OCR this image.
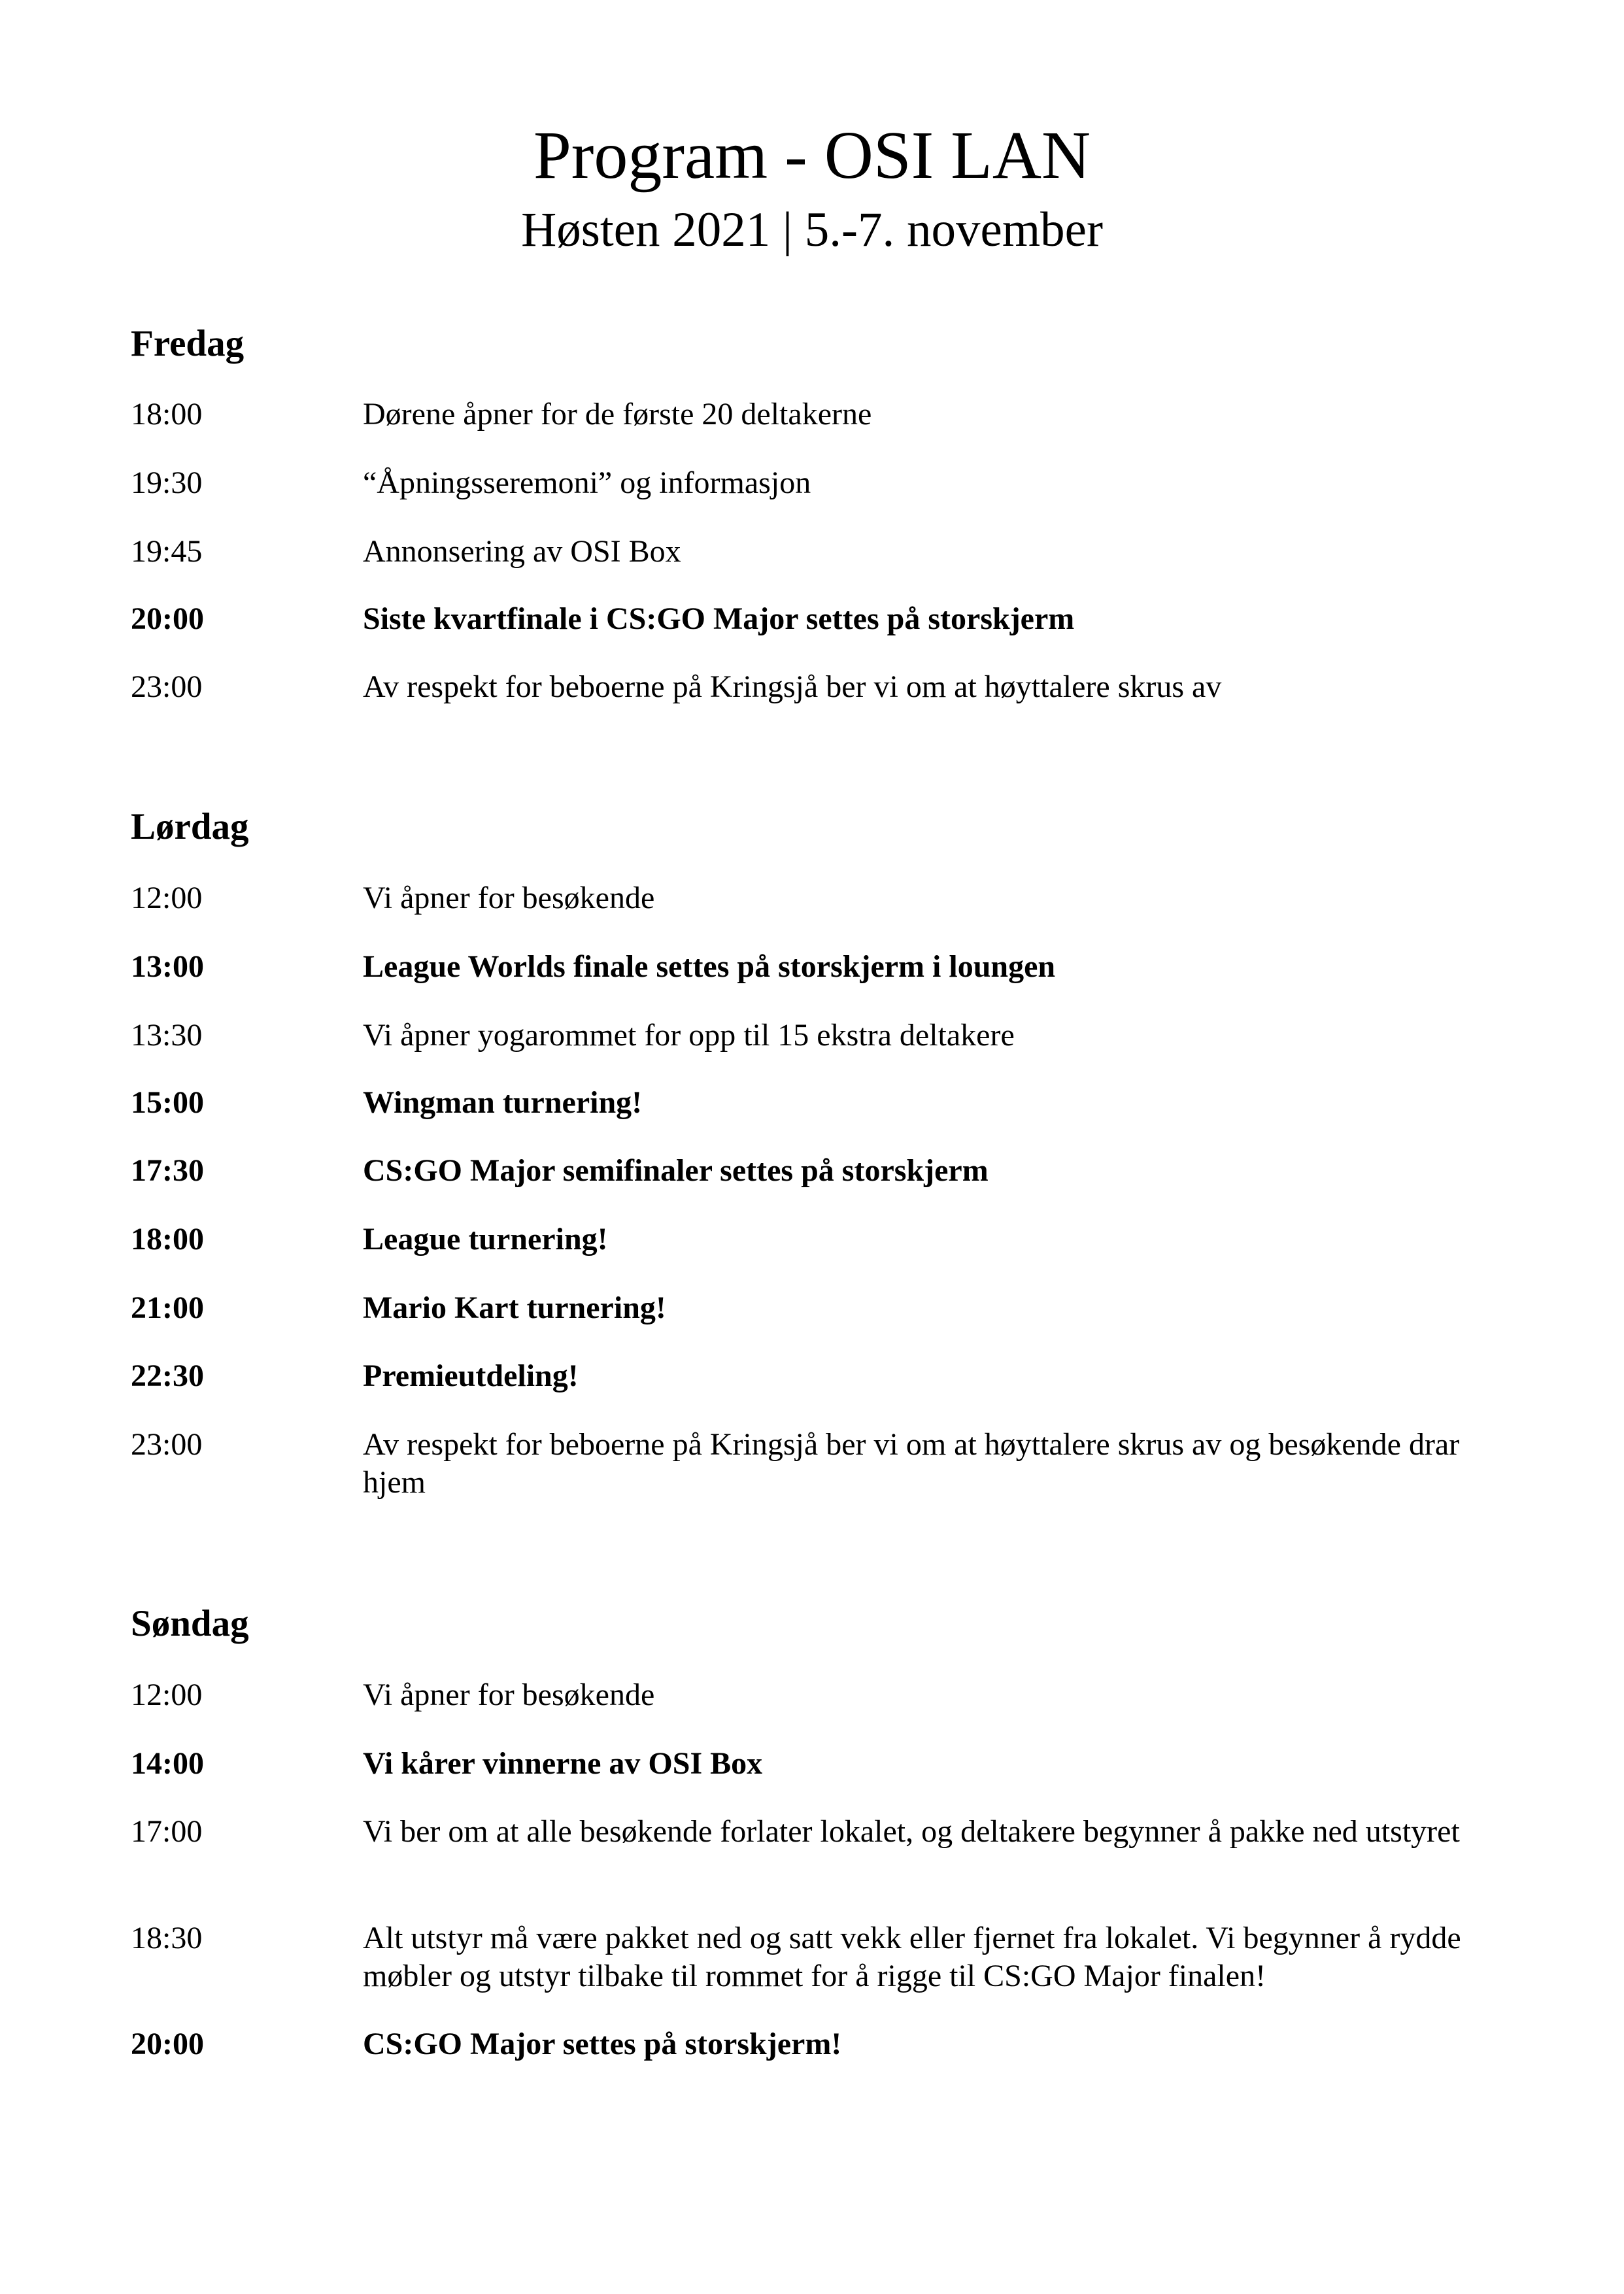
Program - OSI LAN
Høsten 2021 | 5.-7. november
Fredag
18:00	Dørene åpner for de første 20 deltakerne
19:30	“Åpningsseremoni” og informasjon
19:45	Annonsering av OSI Box
20:00	Siste kvartfinale i CS:GO Major settes på storskjerm
23:00	Av respekt for beboerne på Kringsjå ber vi om at høyttalere skrus av
Lørdag
12:00	Vi åpner for besøkende
13:00	League Worlds finale settes på storskjerm i loungen
13:30	Vi åpner yogarommet for opp til 15 ekstra deltakere
15:00	Wingman turnering!
17:30	CS:GO Major semifinaler settes på storskjerm
18:00	League turnering!
21:00	Mario Kart turnering!
22:30	Premieutdeling!
23:00	Av respekt for beboerne på Kringsjå ber vi om at høyttalere skrus av og besøkende drar hjem
Søndag
12:00	Vi åpner for besøkende
14:00	Vi kårer vinnerne av OSI Box
17:00	Vi ber om at alle besøkende forlater lokalet, og deltakere begynner å pakke ned utstyret
18:30	Alt utstyr må være pakket ned og satt vekk eller fjernet fra lokalet. Vi begynner å rydde møbler og utstyr tilbake til rommet for å rigge til CS:GO Major finalen!
20:00	CS:GO Major settes på storskjerm!
